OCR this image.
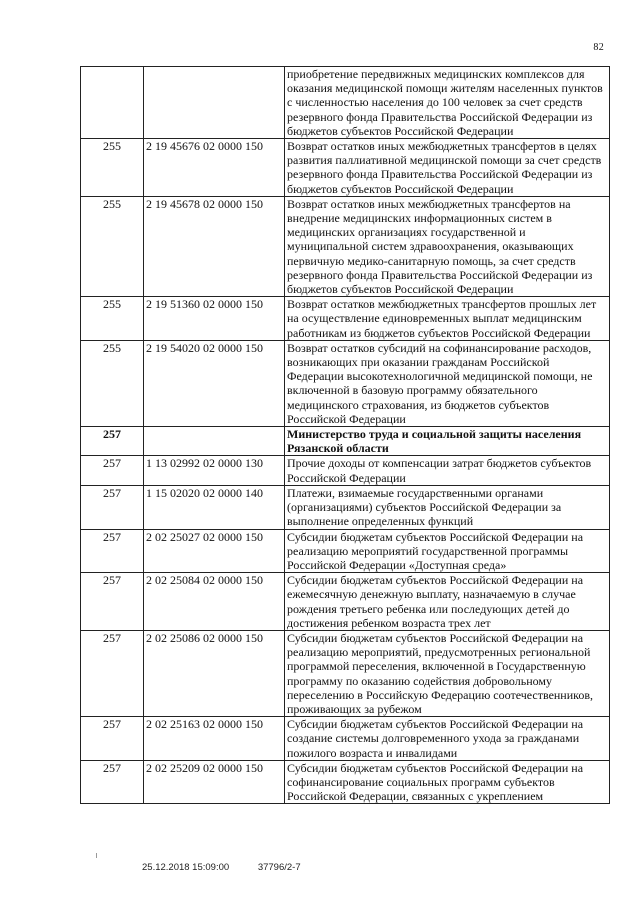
82
		приобретение передвижных медицинских комплексов для оказания медицинской помощи жителям населенных пунктов с численностью населения до 100 человек за счет средств резервного фонда Правительства Российской Федерации из бюджетов субъектов Российской Федерации
255	2 19 45676 02 0000 150	Возврат остатков иных межбюджетных трансфертов в целях развития паллиативной медицинской помощи за счет средств резервного фонда Правительства Российской Федерации из бюджетов субъектов Российской Федерации
255	2 19 45678 02 0000 150	Возврат остатков иных межбюджетных трансфертов на внедрение медицинских информационных систем в медицинских организациях государственной и муниципальной систем здравоохранения, оказывающих первичную медико-санитарную помощь, за счет средств резервного фонда Правительства Российской Федерации из бюджетов субъектов Российской Федерации
255	2 19 51360 02 0000 150	Возврат остатков межбюджетных трансфертов прошлых лет на осуществление единовременных выплат медицинским работникам из бюджетов субъектов Российской Федерации
255	2 19 54020 02 0000 150	Возврат остатков субсидий на софинансирование расходов, возникающих при оказании гражданам Российской Федерации высокотехнологичной медицинской помощи, не включенной в базовую программу обязательного медицинского страхования, из бюджетов субъектов Российской Федерации
257		Министерство труда и социальной защиты населения Рязанской области
257	1 13 02992 02 0000 130	Прочие доходы от компенсации затрат бюджетов субъектов Российской Федерации
257	1 15 02020 02 0000 140	Платежи, взимаемые государственными органами (организациями) субъектов Российской Федерации за выполнение определенных функций
257	2 02 25027 02 0000 150	Субсидии бюджетам субъектов Российской Федерации на реализацию мероприятий государственной программы Российской Федерации «Доступная среда»
257	2 02 25084 02 0000 150	Субсидии бюджетам субъектов Российской Федерации на ежемесячную денежную выплату, назначаемую в случае рождения третьего ребенка или последующих детей до достижения ребенком возраста трех лет
257	2 02 25086 02 0000 150	Субсидии бюджетам субъектов Российской Федерации на реализацию мероприятий, предусмотренных региональной программой переселения, включенной в Государственную программу по оказанию содействия добровольному переселению в Российскую Федерацию соотечественников, проживающих за рубежом
257	2 02 25163 02 0000 150	Субсидии бюджетам субъектов Российской Федерации на создание системы долговременного ухода за гражданами пожилого возраста и инвалидами
257	2 02 25209 02 0000 150	Субсидии бюджетам субъектов Российской Федерации на софинансирование социальных программ субъектов Российской Федерации, связанных с укреплением
25.12.2018 15:09:00	37796/2-7
